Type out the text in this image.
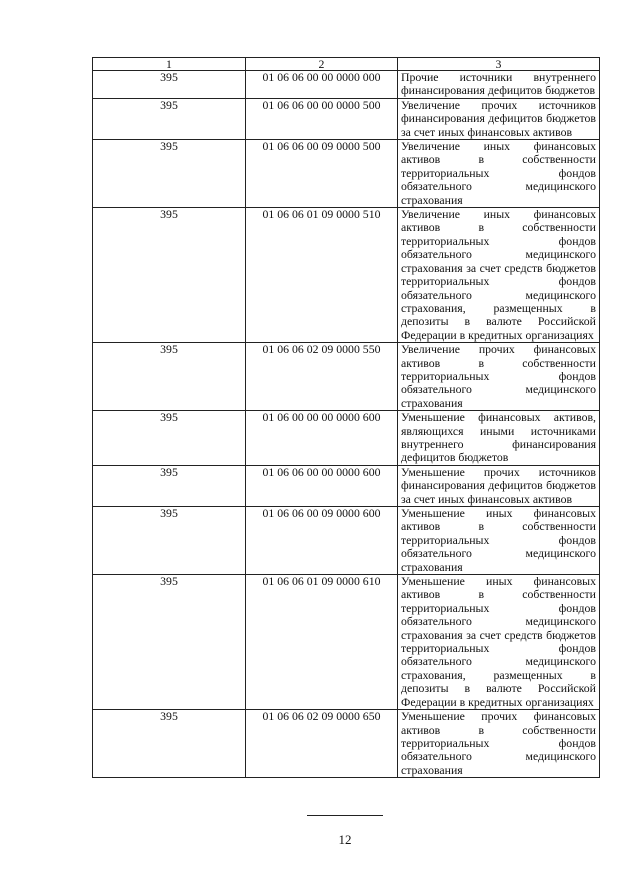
1	2	3
395	01 06 06 00 00 0000 000	Прочие источники внутреннего финансирования дефицитов бюджетов
395	01 06 06 00 00 0000 500	Увеличение прочих источников финансирования дефицитов бюджетов за счет иных финансовых активов
395	01 06 06 00 09 0000 500	Увеличение иных финансовых активов в собственности территориальных фондов обязательного медицинского страхования
395	01 06 06 01 09 0000 510	Увеличение иных финансовых активов в собственности территориальных фондов обязательного медицинского страхования за счет средств бюджетов территориальных фондов обязательного медицинского страхования, размещенных в депозиты в валюте Российской Федерации в кредитных организациях
395	01 06 06 02 09 0000 550	Увеличение прочих финансовых активов в собственности территориальных фондов обязательного медицинского страхования
395	01 06 00 00 00 0000 600	Уменьшение финансовых активов, являющихся иными источниками внутреннего финансирования дефицитов бюджетов
395	01 06 06 00 00 0000 600	Уменьшение прочих источников финансирования дефицитов бюджетов за счет иных финансовых активов
395	01 06 06 00 09 0000 600	Уменьшение иных финансовых активов в собственности территориальных фондов обязательного медицинского страхования
395	01 06 06 01 09 0000 610	Уменьшение иных финансовых активов в собственности территориальных фондов обязательного медицинского страхования за счет средств бюджетов территориальных фондов обязательного медицинского страхования, размещенных в депозиты в валюте Российской Федерации в кредитных организациях
395	01 06 06 02 09 0000 650	Уменьшение прочих финансовых активов в собственности территориальных фондов обязательного медицинского страхования
12
